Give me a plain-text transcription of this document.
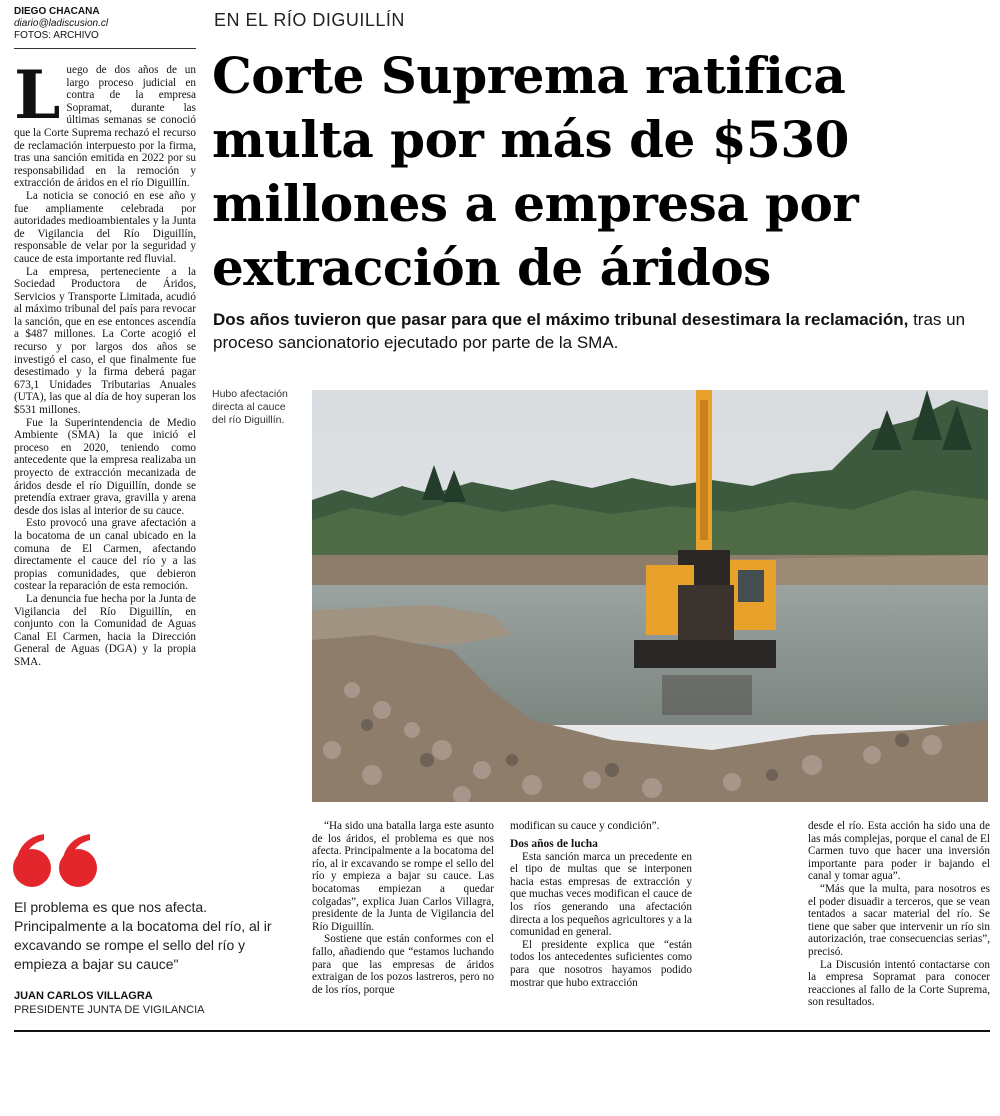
DIEGO CHACANA
diario@ladiscusion.cl
FOTOS: ARCHIVO

Luego de dos años de un largo proceso judicial en contra de la empresa Sopramat, durante las últimas semanas se conoció que la Corte Suprema rechazó el recurso de reclamación interpuesto por la firma, tras una sanción emitida en 2022 por su responsabilidad en la remoción y extracción de áridos en el río Diguillín.

La noticia se conoció en ese año y fue ampliamente celebrada por autoridades medioambientales y la Junta de Vigilancia del Río Diguillín, responsable de velar por la seguridad y cauce de esta importante red fluvial.

La empresa, perteneciente a la Sociedad Productora de Áridos, Servicios y Transporte Limitada, acudió al máximo tribunal del país para revocar la sanción, que en ese entonces ascendía a $487 millones. La Corte acogió el recurso y por largos dos años se investigó el caso, el que finalmente fue desestimado y la firma deberá pagar 673,1 Unidades Tributarias Anuales (UTA), las que al día de hoy superan los $531 millones.

Fue la Superintendencia de Medio Ambiente (SMA) la que inició el proceso en 2020, teniendo como antecedente que la empresa realizaba un proyecto de extracción mecanizada de áridos desde el río Diguillín, donde se pretendía extraer grava, gravilla y arena desde dos islas al interior de su cauce.

Esto provocó una grave afectación a la bocatoma de un canal ubicado en la comuna de El Carmen, afectando directamente el cauce del río y a las propias comunidades, que debieron costear la reparación de esta remoción.

La denuncia fue hecha por la Junta de Vigilancia del Río Diguillín, en conjunto con la Comunidad de Aguas Canal El Carmen, hacia la Dirección General de Aguas (DGA) y la propia SMA.

EN EL RÍO DIGUILLÍN
Corte Suprema ratifica multa por más de $530 millones a empresa por extracción de áridos
Dos años tuvieron que pasar para que el máximo tribunal desestimara la reclamación, tras un proceso sancionatorio ejecutado por parte de la SMA.
Hubo afectación directa al cauce del río Diguillín.
El problema es que nos afecta. Principalmente a la bocatoma del río, al ir excavando se rompe el sello del río y empieza a bajar su cauce"
JUAN CARLOS VILLAGRA
PRESIDENTE JUNTA DE VIGILANCIA

“Ha sido una batalla larga este asunto de los áridos, el problema es que nos afecta. Principalmente a la bocatoma del río, al ir excavando se rompe el sello del río y empieza a bajar su cauce. Las bocatomas empiezan a quedar colgadas”, explica Juan Carlos Villagra, presidente de la Junta de Vigilancia del Río Diguillín.

Sostiene que están conformes con el fallo, añadiendo que “estamos luchando para que las empresas de áridos extraigan de los pozos lastreros, pero no de los ríos, porque

modifican su cauce y condición”.

Dos años de lucha

Esta sanción marca un precedente en el tipo de multas que se interponen hacia estas empresas de extracción y que muchas veces modifican el cauce de los ríos generando una afectación directa a los pequeños agricultores y a la comunidad en general.

El presidente explica que “están todos los antecedentes suficientes como para que nosotros hayamos podido mostrar que hubo extracción

desde el río. Esta acción ha sido una de las más complejas, porque el canal de El Carmen tuvo que hacer una inversión importante para poder ir bajando el canal y tomar agua”.

“Más que la multa, para nosotros es el poder disuadir a terceros, que se vean tentados a sacar material del río. Se tiene que saber que intervenir un río sin autorización, trae consecuencias serias”, precisó.

La Discusión intentó contactarse con la empresa Sopramat para conocer reacciones al fallo de la Corte Suprema, son resultados.
